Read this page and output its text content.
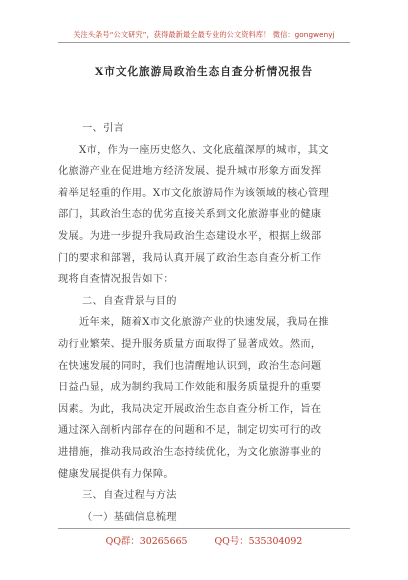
关注头条号“公文研究”，获得最新最全最专业的公文资料库！ 微信：gongwenyj
X市文化旅游局政治生态自查分析情况报告
一、引言
X市，作为一座历史悠久、文化底蕴深厚的城市，其文
化旅游产业在促进地方经济发展、提升城市形象方面发挥
着举足轻重的作用。X市文化旅游局作为该领域的核心管理
部门，其政治生态的优劣直接关系到文化旅游事业的健康
发展。为进一步提升我局政治生态建设水平，根据上级部
门的要求和部署，我局认真开展了政治生态自查分析工作
现将自查情况报告如下：
二、自查背景与目的
近年来，随着X市文化旅游产业的快速发展，我局在推
动行业繁荣、提升服务质量方面取得了显著成效。然而，
在快速发展的同时，我们也清醒地认识到，政治生态问题
日益凸显，成为制约我局工作效能和服务质量提升的重要
因素。为此，我局决定开展政治生态自查分析工作，旨在
通过深入剖析内部存在的问题和不足，制定切实可行的改
进措施，推动我局政治生态持续优化，为文化旅游事业的
健康发展提供有力保障。
三、自查过程与方法
（一）基础信息梳理
QQ群：30265665	QQ号：535304092
